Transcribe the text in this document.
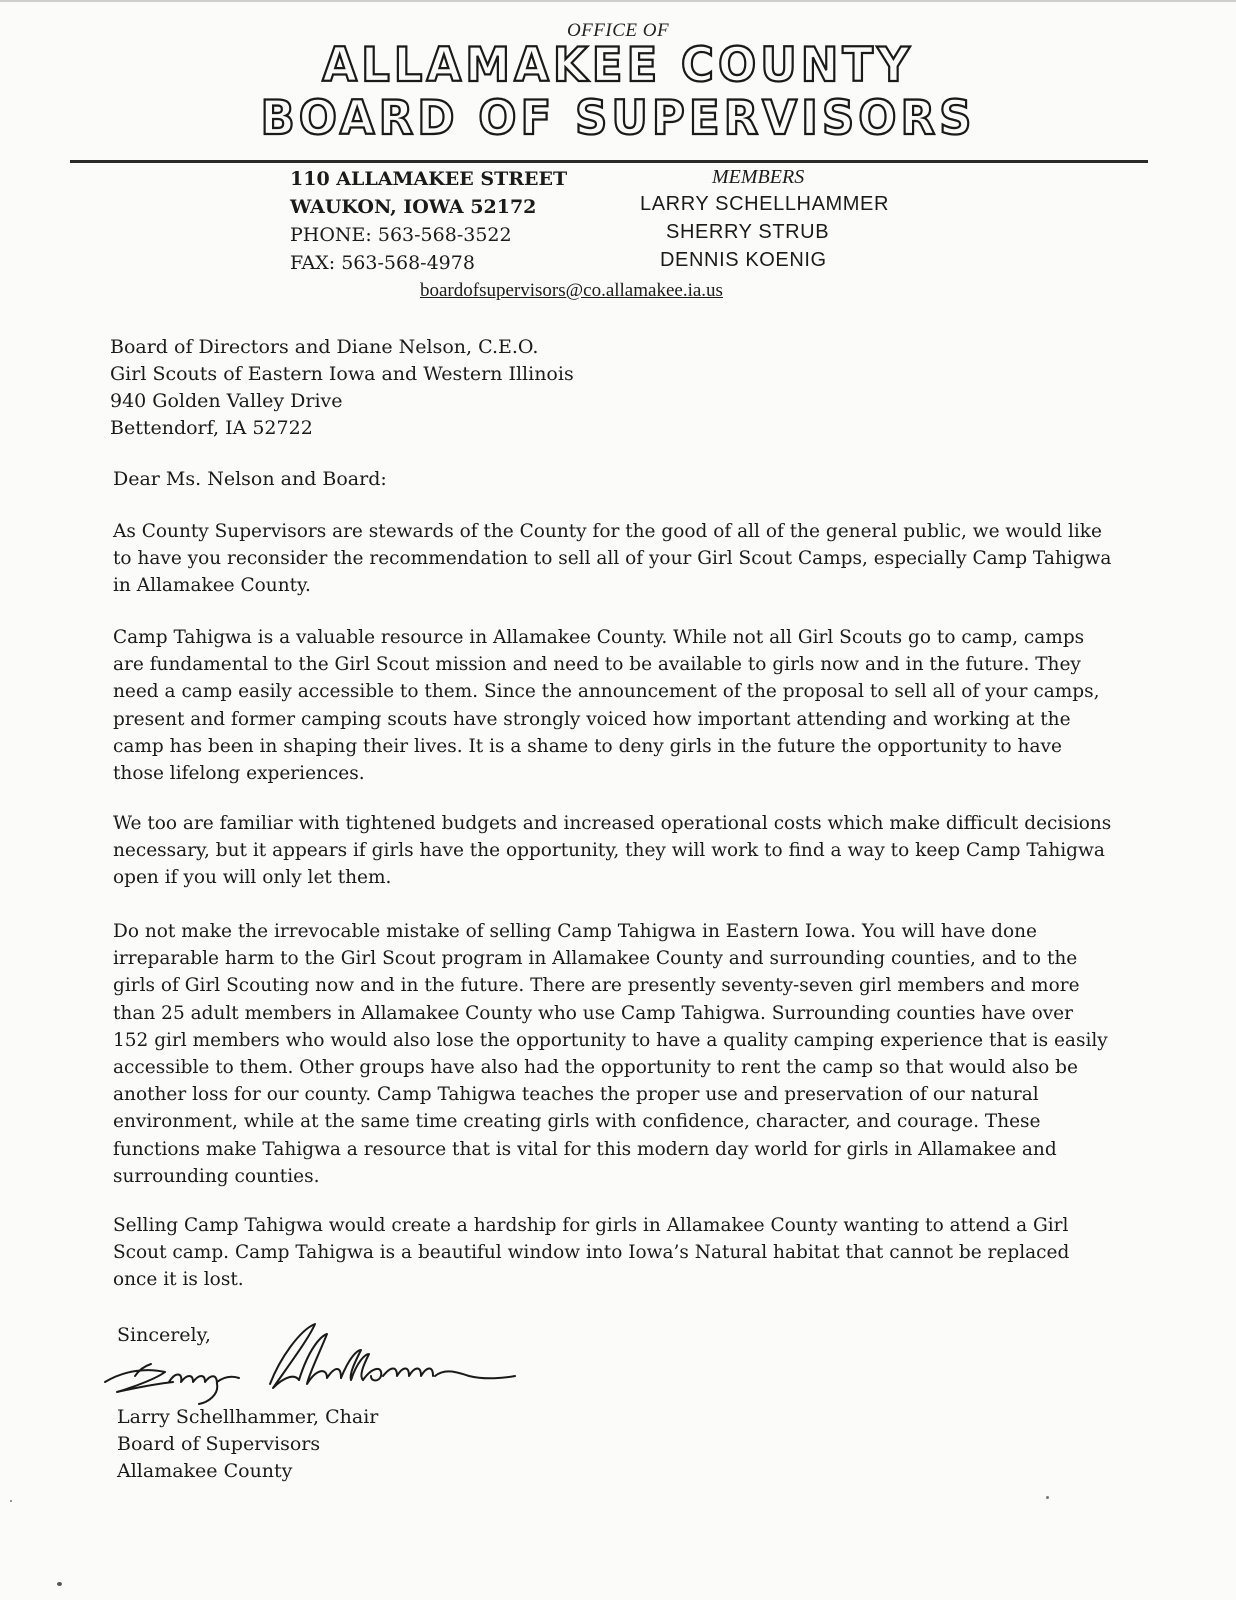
OFFICE OF
ALLAMAKEE COUNTY
BOARD OF SUPERVISORS
110 ALLAMAKEE STREET
WAUKON, IOWA 52172
PHONE: 563-568-3522
FAX: 563-568-4978
MEMBERS
LARRY SCHELLHAMMER
SHERRY STRUB
DENNIS KOENIG
boardofsupervisors@co.allamakee.ia.us
Board of Directors and Diane Nelson, C.E.O.
Girl Scouts of Eastern Iowa and Western Illinois
940 Golden Valley Drive
Bettendorf, IA 52722
Dear Ms. Nelson and Board:
As County Supervisors are stewards of the County for the good of all of the general public, we would like to have you reconsider the recommendation to sell all of your Girl Scout Camps, especially Camp Tahigwa in Allamakee County.
Camp Tahigwa is a valuable resource in Allamakee County. While not all Girl Scouts go to camp, camps are fundamental to the Girl Scout mission and need to be available to girls now and in the future. They need a camp easily accessible to them. Since the announcement of the proposal to sell all of your camps, present and former camping scouts have strongly voiced how important attending and working at the camp has been in shaping their lives. It is a shame to deny girls in the future the opportunity to have those lifelong experiences.
We too are familiar with tightened budgets and increased operational costs which make difficult decisions necessary, but it appears if girls have the opportunity, they will work to find a way to keep Camp Tahigwa open if you will only let them.
Do not make the irrevocable mistake of selling Camp Tahigwa in Eastern Iowa. You will have done irreparable harm to the Girl Scout program in Allamakee County and surrounding counties, and to the girls of Girl Scouting now and in the future. There are presently seventy-seven girl members and more than 25 adult members in Allamakee County who use Camp Tahigwa. Surrounding counties have over 152 girl members who would also lose the opportunity to have a quality camping experience that is easily accessible to them. Other groups have also had the opportunity to rent the camp so that would also be another loss for our county. Camp Tahigwa teaches the proper use and preservation of our natural environment, while at the same time creating girls with confidence, character, and courage. These functions make Tahigwa a resource that is vital for this modern day world for girls in Allamakee and surrounding counties.
Selling Camp Tahigwa would create a hardship for girls in Allamakee County wanting to attend a Girl Scout camp. Camp Tahigwa is a beautiful window into Iowa’s Natural habitat that cannot be replaced once it is lost.
Sincerely,
Larry Schellhammer, Chair
Board of Supervisors
Allamakee County
